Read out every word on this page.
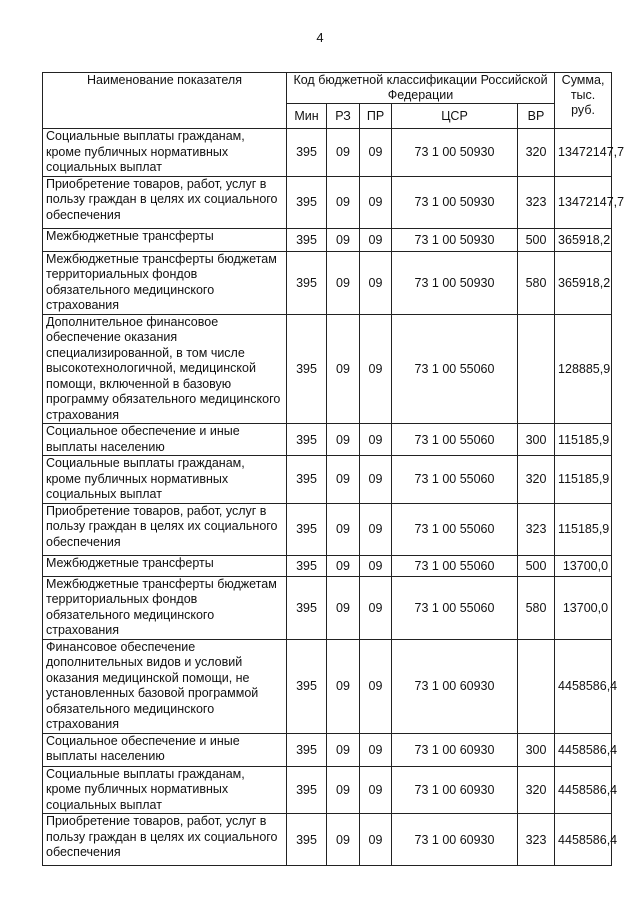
4
Наименование показателя	Код бюджетной классификации Российской Федерации					Сумма, тыс. руб.
	Мин	РЗ	ПР	ЦСР	ВР	
Социальные выплаты гражданам, кроме публичных нормативных социальных выплат	395	09	09	73 1 00 50930	320	13472147,7
Приобретение товаров, работ, услуг в пользу граждан в целях их социального обеспечения	395	09	09	73 1 00 50930	323	13472147,7
Межбюджетные трансферты	395	09	09	73 1 00 50930	500	365918,2
Межбюджетные трансферты бюджетам территориальных фондов обязательного медицинского страхования	395	09	09	73 1 00 50930	580	365918,2
Дополнительное финансовое обеспечение оказания специализированной, в том числе высокотехнологичной, медицинской помощи, включенной в базовую программу обязательного медицинского страхования	395	09	09	73 1 00 55060		128885,9
Социальное обеспечение и иные выплаты населению	395	09	09	73 1 00 55060	300	115185,9
Социальные выплаты гражданам, кроме публичных нормативных социальных выплат	395	09	09	73 1 00 55060	320	115185,9
Приобретение товаров, работ, услуг в пользу граждан в целях их социального обеспечения	395	09	09	73 1 00 55060	323	115185,9
Межбюджетные трансферты	395	09	09	73 1 00 55060	500	13700,0
Межбюджетные трансферты бюджетам территориальных фондов обязательного медицинского страхования	395	09	09	73 1 00 55060	580	13700,0
Финансовое обеспечение дополнительных видов и условий оказания медицинской помощи, не установленных базовой программой обязательного медицинского страхования	395	09	09	73 1 00 60930		4458586,4
Социальное обеспечение и иные выплаты населению	395	09	09	73 1 00 60930	300	4458586,4
Социальные выплаты гражданам, кроме публичных нормативных социальных выплат	395	09	09	73 1 00 60930	320	4458586,4
Приобретение товаров, работ, услуг в пользу граждан в целях их социального обеспечения	395	09	09	73 1 00 60930	323	4458586,4
